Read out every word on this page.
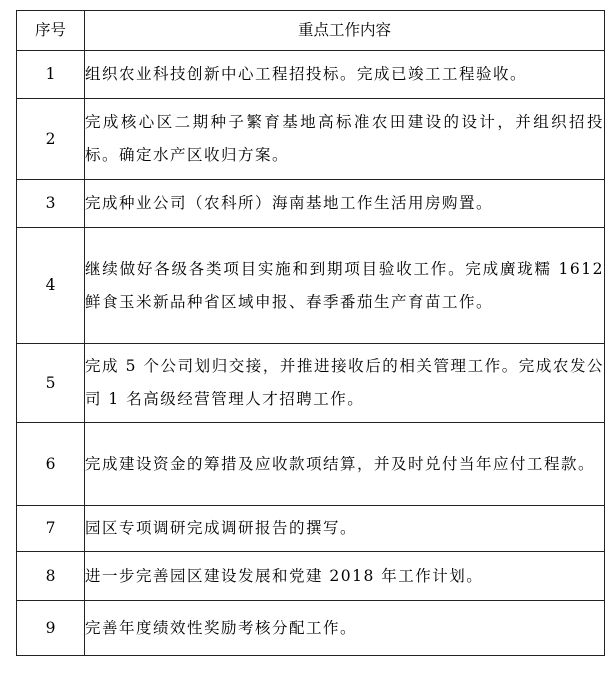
序号	重点工作内容
1	组织农业科技创新中心工程招投标。完成已竣工工程验收。
2	完成核心区二期种子繁育基地高标准农田建设的设计，并组织招投标。确定水产区收归方案。
3	完成种业公司（农科所）海南基地工作生活用房购置。
4	继续做好各级各类项目实施和到期项目验收工作。完成廣珑糯 1612 鲜食玉米新品种省区域申报、春季番茄生产育苗工作。
5	完成 5 个公司划归交接，并推进接收后的相关管理工作。完成农发公司 1 名高级经营管理人才招聘工作。
6	完成建设资金的筹措及应收款项结算，并及时兑付当年应付工程款。
7	园区专项调研完成调研报告的撰写。
8	进一步完善园区建设发展和党建 2018 年工作计划。
9	完善年度绩效性奖励考核分配工作。
